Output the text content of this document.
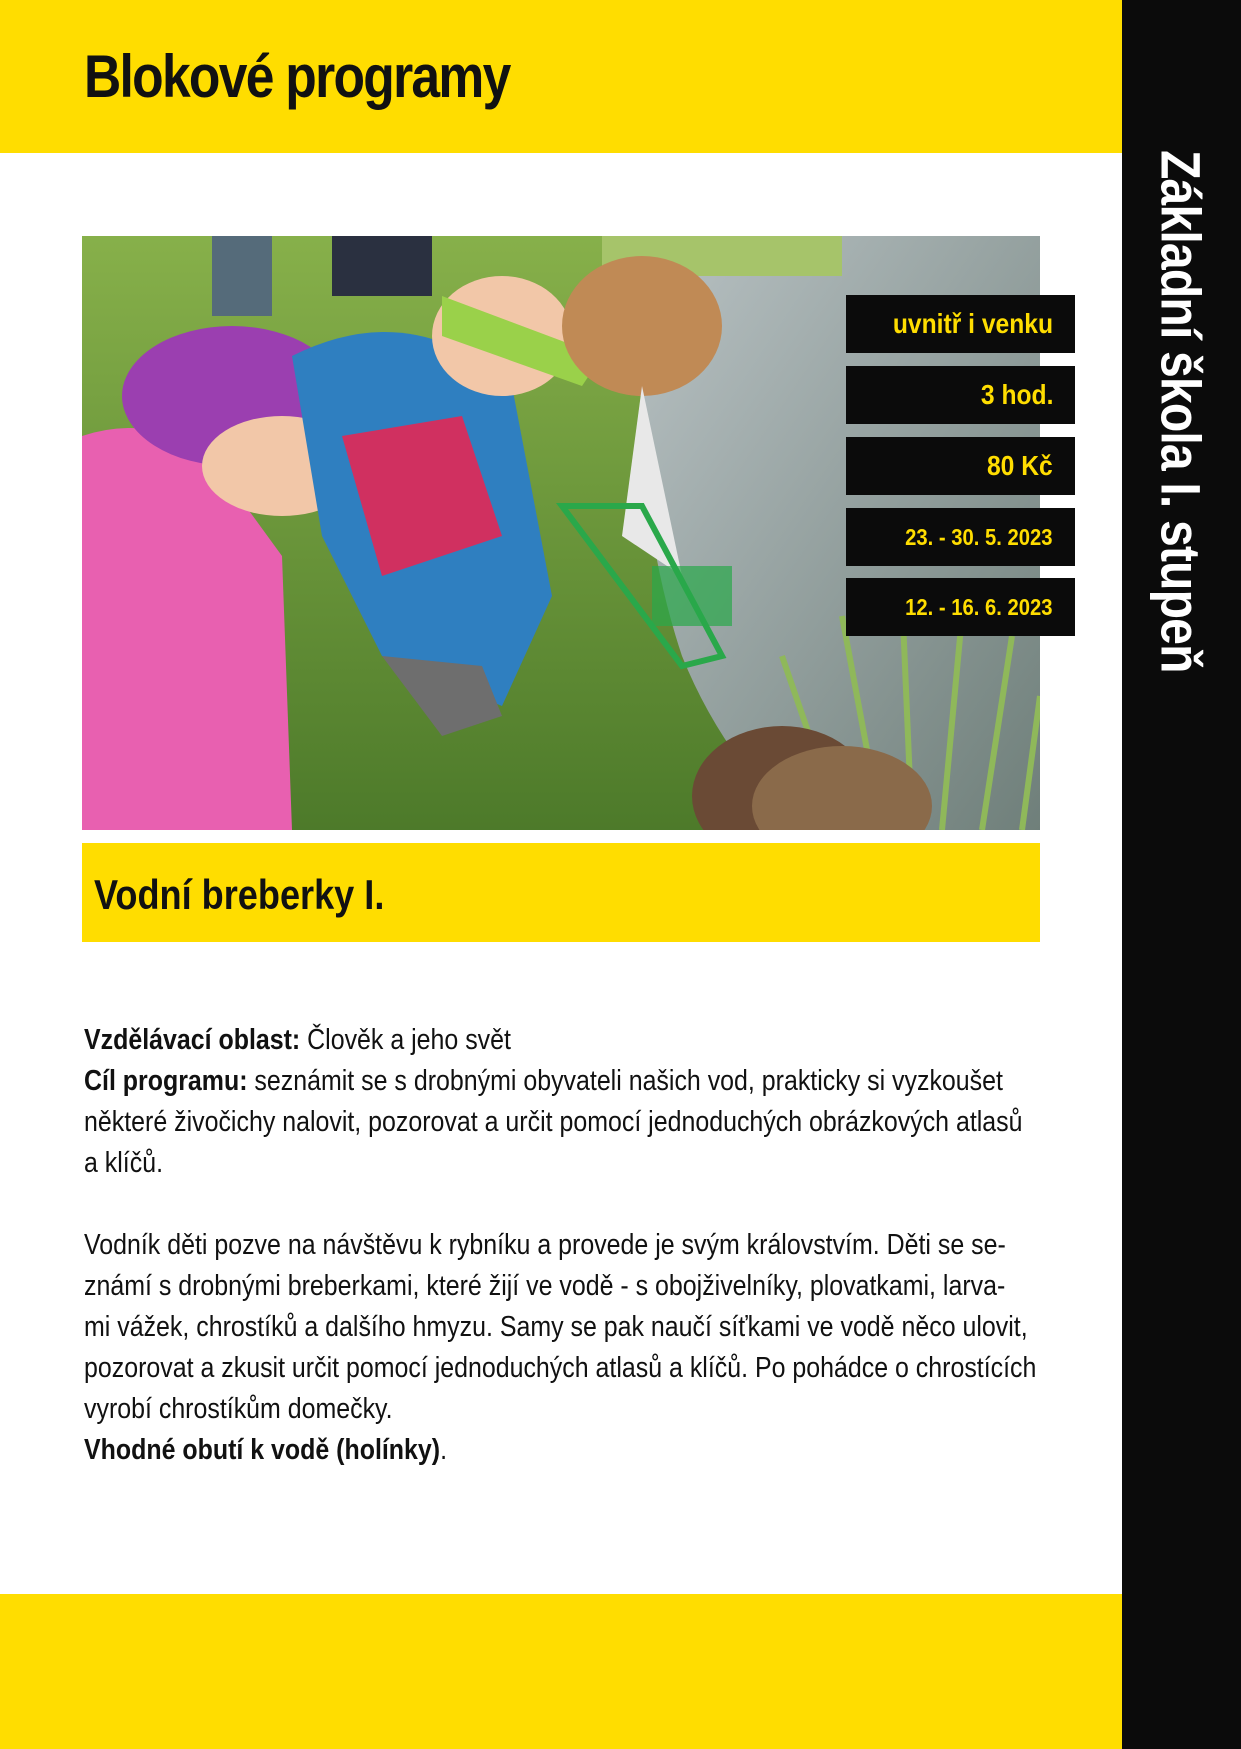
Blokové programy
Základní škola I. stupeň
uvnitř i venku
3 hod.
80 Kč
23. - 30. 5. 2023
12. - 16. 6. 2023
Vodní breberky I.

Vzdělávací oblast: Člověk a jeho svět

Cíl programu: seznámit se s drobnými obyvateli našich vod, prakticky si vyzkoušet

některé živočichy nalovit, pozorovat a určit pomocí jednoduchých obrázkových atlasů

a klíčů.

Vodník děti pozve na návštěvu k rybníku a provede je svým královstvím. Děti se se-

známí s drobnými breberkami, které žijí ve vodě - s obojživelníky, plovatkami, larva-

mi vážek, chrostíků a dalšího hmyzu. Samy se pak naučí síťkami ve vodě něco ulovit,

pozorovat a zkusit určit pomocí jednoduchých atlasů a klíčů. Po pohádce o chrostících

vyrobí chrostíkům domečky.

Vhodné obutí k vodě (holínky).
